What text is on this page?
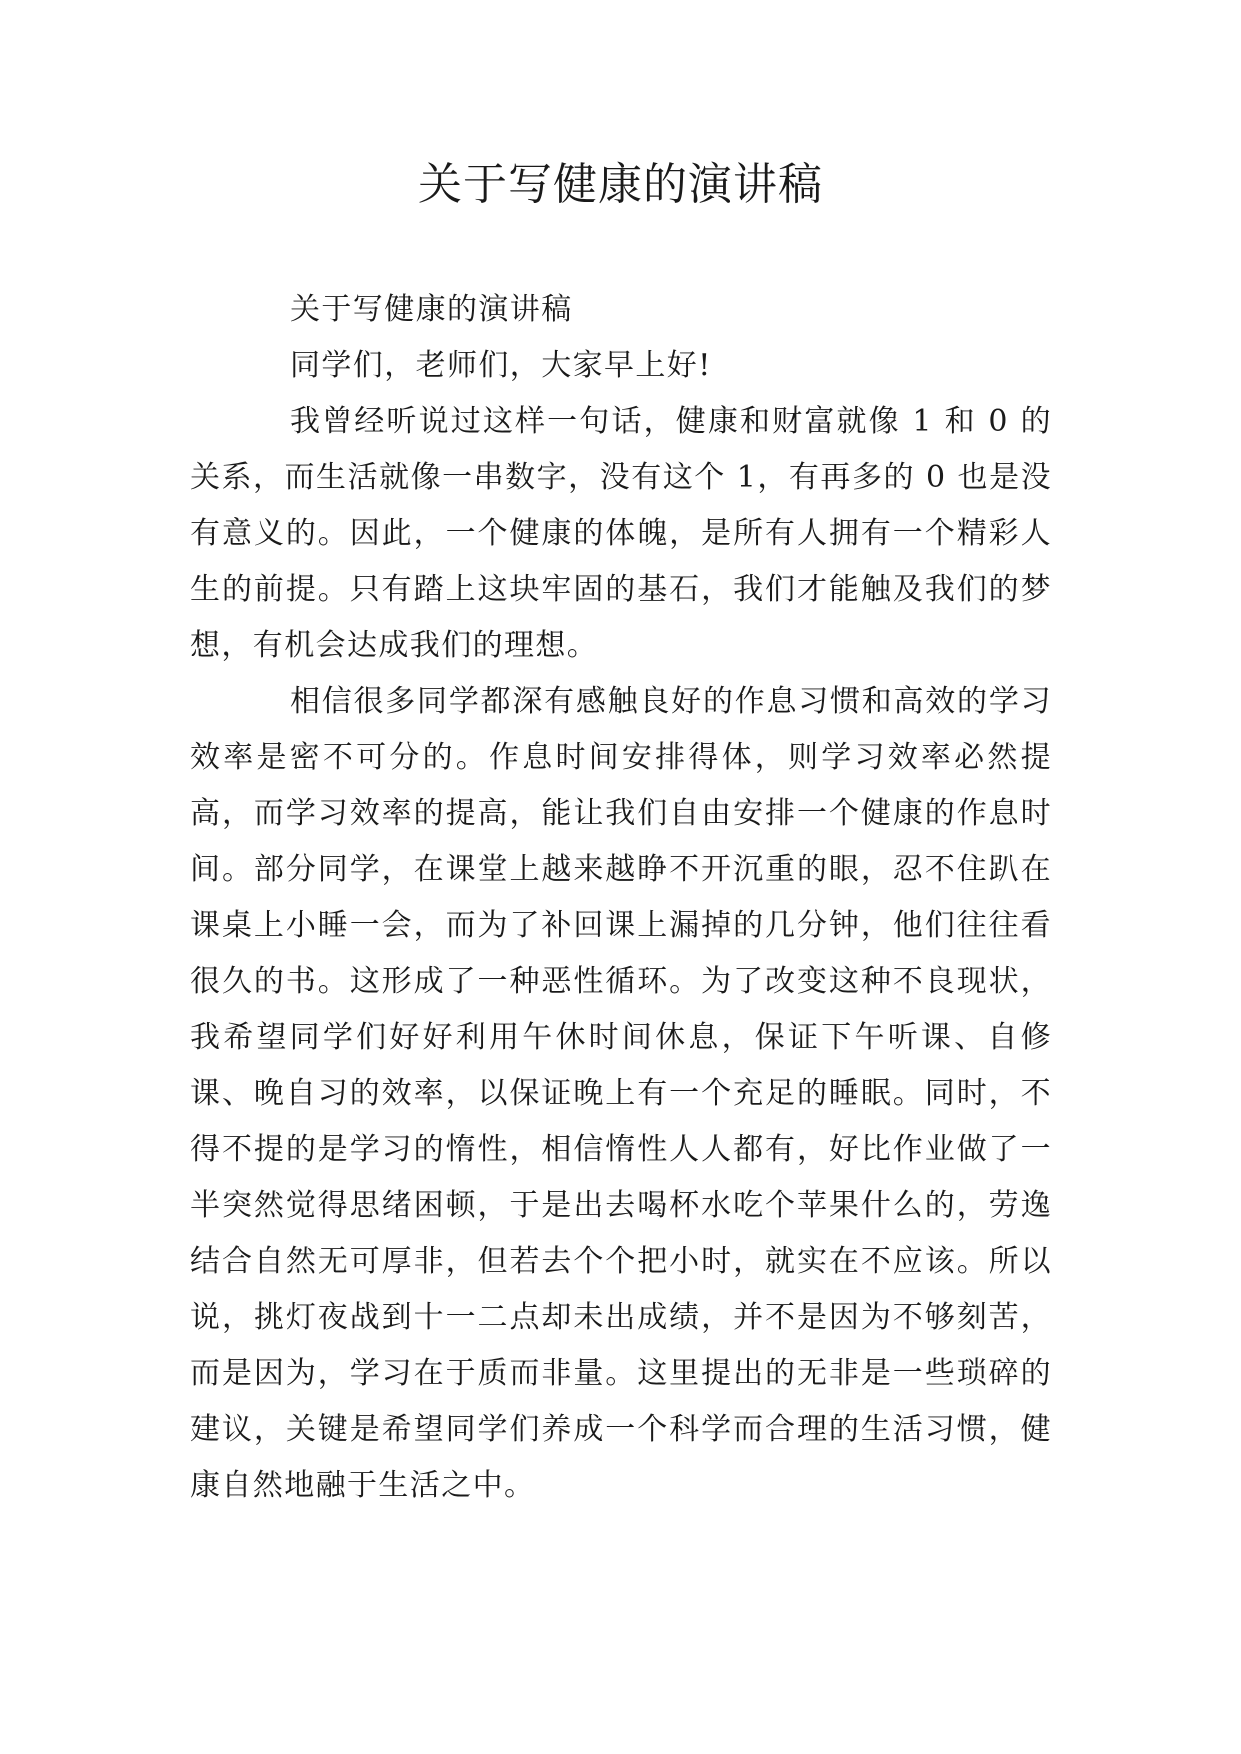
关于写健康的演讲稿

关于写健康的演讲稿

同学们，老师们，大家早上好!

我曾经听说过这样一句话，健康和财富就像 1 和 0 的关系，而生活就像一串数字，没有这个 1，有再多的 0 也是没有意义的。因此，一个健康的体魄，是所有人拥有一个精彩人生的前提。只有踏上这块牢固的基石，我们才能触及我们的梦想，有机会达成我们的理想。

相信很多同学都深有感触良好的作息习惯和高效的学习效率是密不可分的。作息时间安排得体，则学习效率必然提高，而学习效率的提高，能让我们自由安排一个健康的作息时间。部分同学，在课堂上越来越睁不开沉重的眼，忍不住趴在课桌上小睡一会，而为了补回课上漏掉的几分钟，他们往往看很久的书。这形成了一种恶性循环。为了改变这种不良现状，我希望同学们好好利用午休时间休息，保证下午听课、自修课、晚自习的效率，以保证晚上有一个充足的睡眠。同时，不得不提的是学习的惰性，相信惰性人人都有，好比作业做了一半突然觉得思绪困顿，于是出去喝杯水吃个苹果什么的，劳逸结合自然无可厚非，但若去个个把小时，就实在不应该。所以说，挑灯夜战到十一二点却未出成绩，并不是因为不够刻苦，而是因为，学习在于质而非量。这里提出的无非是一些琐碎的建议，关键是希望同学们养成一个科学而合理的生活习惯，健康自然地融于生活之中。
